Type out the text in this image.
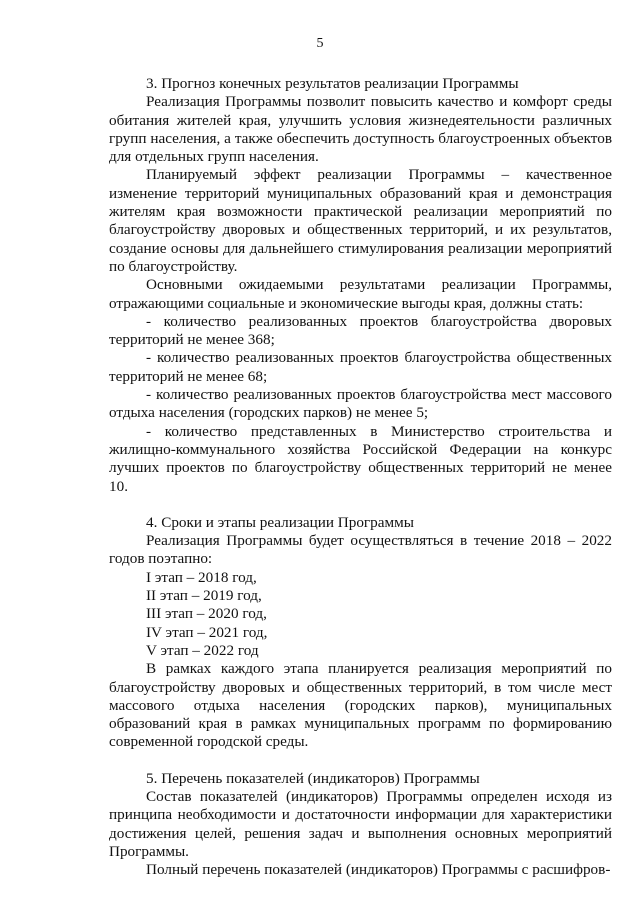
5

3. Прогноз конечных результатов реализации Программы

Реализация Программы позволит повысить качество и комфорт среды обитания жителей края, улучшить условия жизнедеятельности различных групп населения, а также обеспечить доступность благоустроенных объектов для отдельных групп населения.

Планируемый эффект реализации Программы – качественное изменение территорий муниципальных образований края и демонстрация жителям края возможности практической реализации мероприятий по благоустройству дворовых и общественных территорий, и их результатов, создание основы для дальнейшего стимулирования реализации мероприятий по благоустройству.

Основными ожидаемыми результатами реализации Программы, отражающими социальные и экономические выгоды края, должны стать:

- количество реализованных проектов благоустройства дворовых территорий не менее 368;

- количество реализованных проектов благоустройства общественных территорий не менее 68;

- количество реализованных проектов благоустройства мест массового отдыха населения (городских парков) не менее 5;

- количество представленных в Министерство строительства и жилищно-коммунального хозяйства Российской Федерации на конкурс лучших проектов по благоустройству общественных территорий не менее 10.

4. Сроки и этапы реализации Программы

Реализация Программы будет осуществляться в течение 2018 – 2022 годов поэтапно:

I этап – 2018 год,

II этап – 2019 год,

III этап – 2020 год,

IV этап – 2021 год,

V этап – 2022 год

В рамках каждого этапа планируется реализация мероприятий по благоустройству дворовых и общественных территорий, в том числе мест массового отдыха населения (городских парков), муниципальных образований края в рамках муниципальных программ по формированию современной городской среды.

5. Перечень показателей (индикаторов) Программы

Состав показателей (индикаторов) Программы определен исходя из принципа необходимости и достаточности информации для характеристики достижения целей, решения задач и выполнения основных мероприятий Программы.

Полный перечень показателей (индикаторов) Программы с расшифров-
